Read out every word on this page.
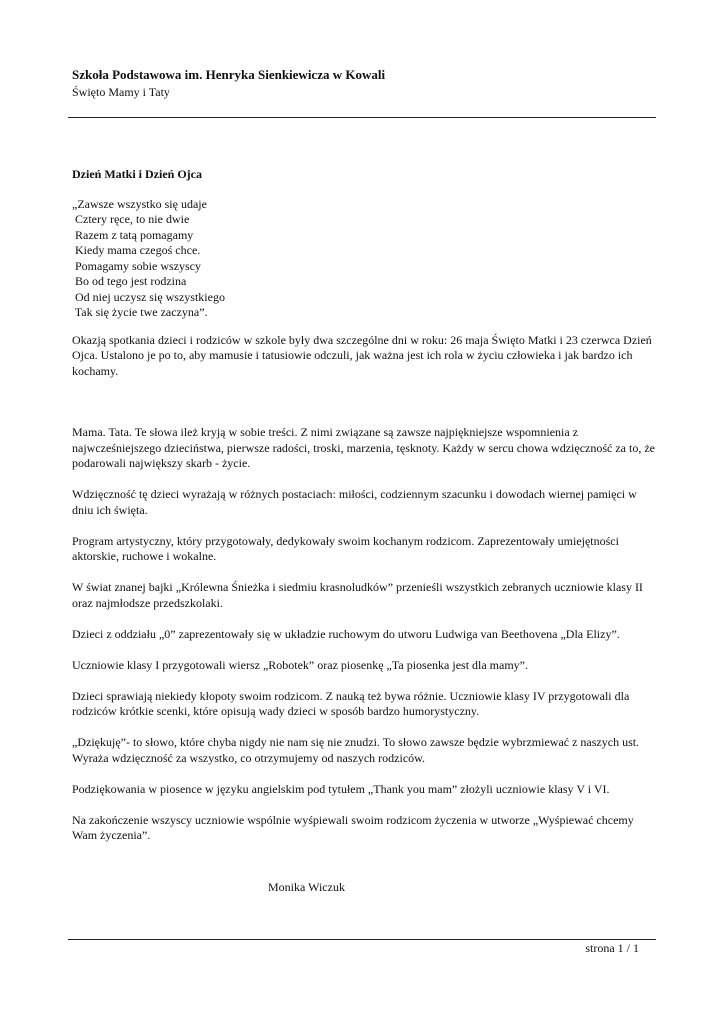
Szkoła Podstawowa im. Henryka Sienkiewicza w Kowali
Święto Mamy i Taty
Dzień Matki i Dzień Ojca
„Zawsze wszystko się udaje
Cztery ręce, to nie dwie
Razem z tatą pomagamy
Kiedy mama czegoś chce.
Pomagamy sobie wszyscy
Bo od tego jest rodzina
Od niej uczysz się wszystkiego
Tak się życie twe zaczyna”.

Okazją spotkania dzieci i rodziców w szkole były dwa szczególne dni w roku: 26 maja Święto Matki i 23 czerwca Dzień Ojca. Ustalono je po to, aby mamusie i tatusiowie odczuli, jak ważna jest ich rola w życiu człowieka i jak bardzo ich kochamy.

Mama. Tata. Te słowa ileż kryją w sobie treści. Z nimi związane są zawsze najpiękniejsze wspomnienia z najwcześniejszego dzieciństwa, pierwsze radości, troski, marzenia, tęsknoty. Każdy w sercu chowa wdzięczność za to, że podarowali największy skarb - życie.

Wdzięczność tę dzieci wyrażają w różnych postaciach: miłości, codziennym szacunku i dowodach wiernej pamięci w dniu ich święta.

Program artystyczny, który przygotowały, dedykowały swoim kochanym rodzicom. Zaprezentowały umiejętności aktorskie, ruchowe i wokalne.

W świat znanej bajki „Królewna Śnieżka i siedmiu krasnoludków” przenieśli wszystkich zebranych uczniowie klasy II oraz najmłodsze przedszkolaki.

Dzieci z oddziału „0” zaprezentowały się w układzie ruchowym do utworu Ludwiga van Beethovena „Dla Elizy”.

Uczniowie klasy I przygotowali wiersz „Robotek” oraz piosenkę „Ta piosenka jest dla mamy”.

Dzieci sprawiają niekiedy kłopoty swoim rodzicom. Z nauką też bywa różnie. Uczniowie klasy IV przygotowali dla rodziców krótkie scenki, które opisują wady dzieci w sposób bardzo humorystyczny.

„Dziękuję”- to słowo, które chyba nigdy nie nam się nie znudzi. To słowo zawsze będzie wybrzmiewać z naszych ust. Wyraża wdzięczność za wszystko, co otrzymujemy od naszych rodziców.

Podziękowania w piosence w języku angielskim pod tytułem „Thank you mam” złożyli uczniowie klasy V i VI.

Na zakończenie wszyscy uczniowie wspólnie wyśpiewali swoim rodzicom życzenia w utworze „Wyśpiewać chcemy Wam życzenia”.

Monika Wiczuk
strona 1 / 1
